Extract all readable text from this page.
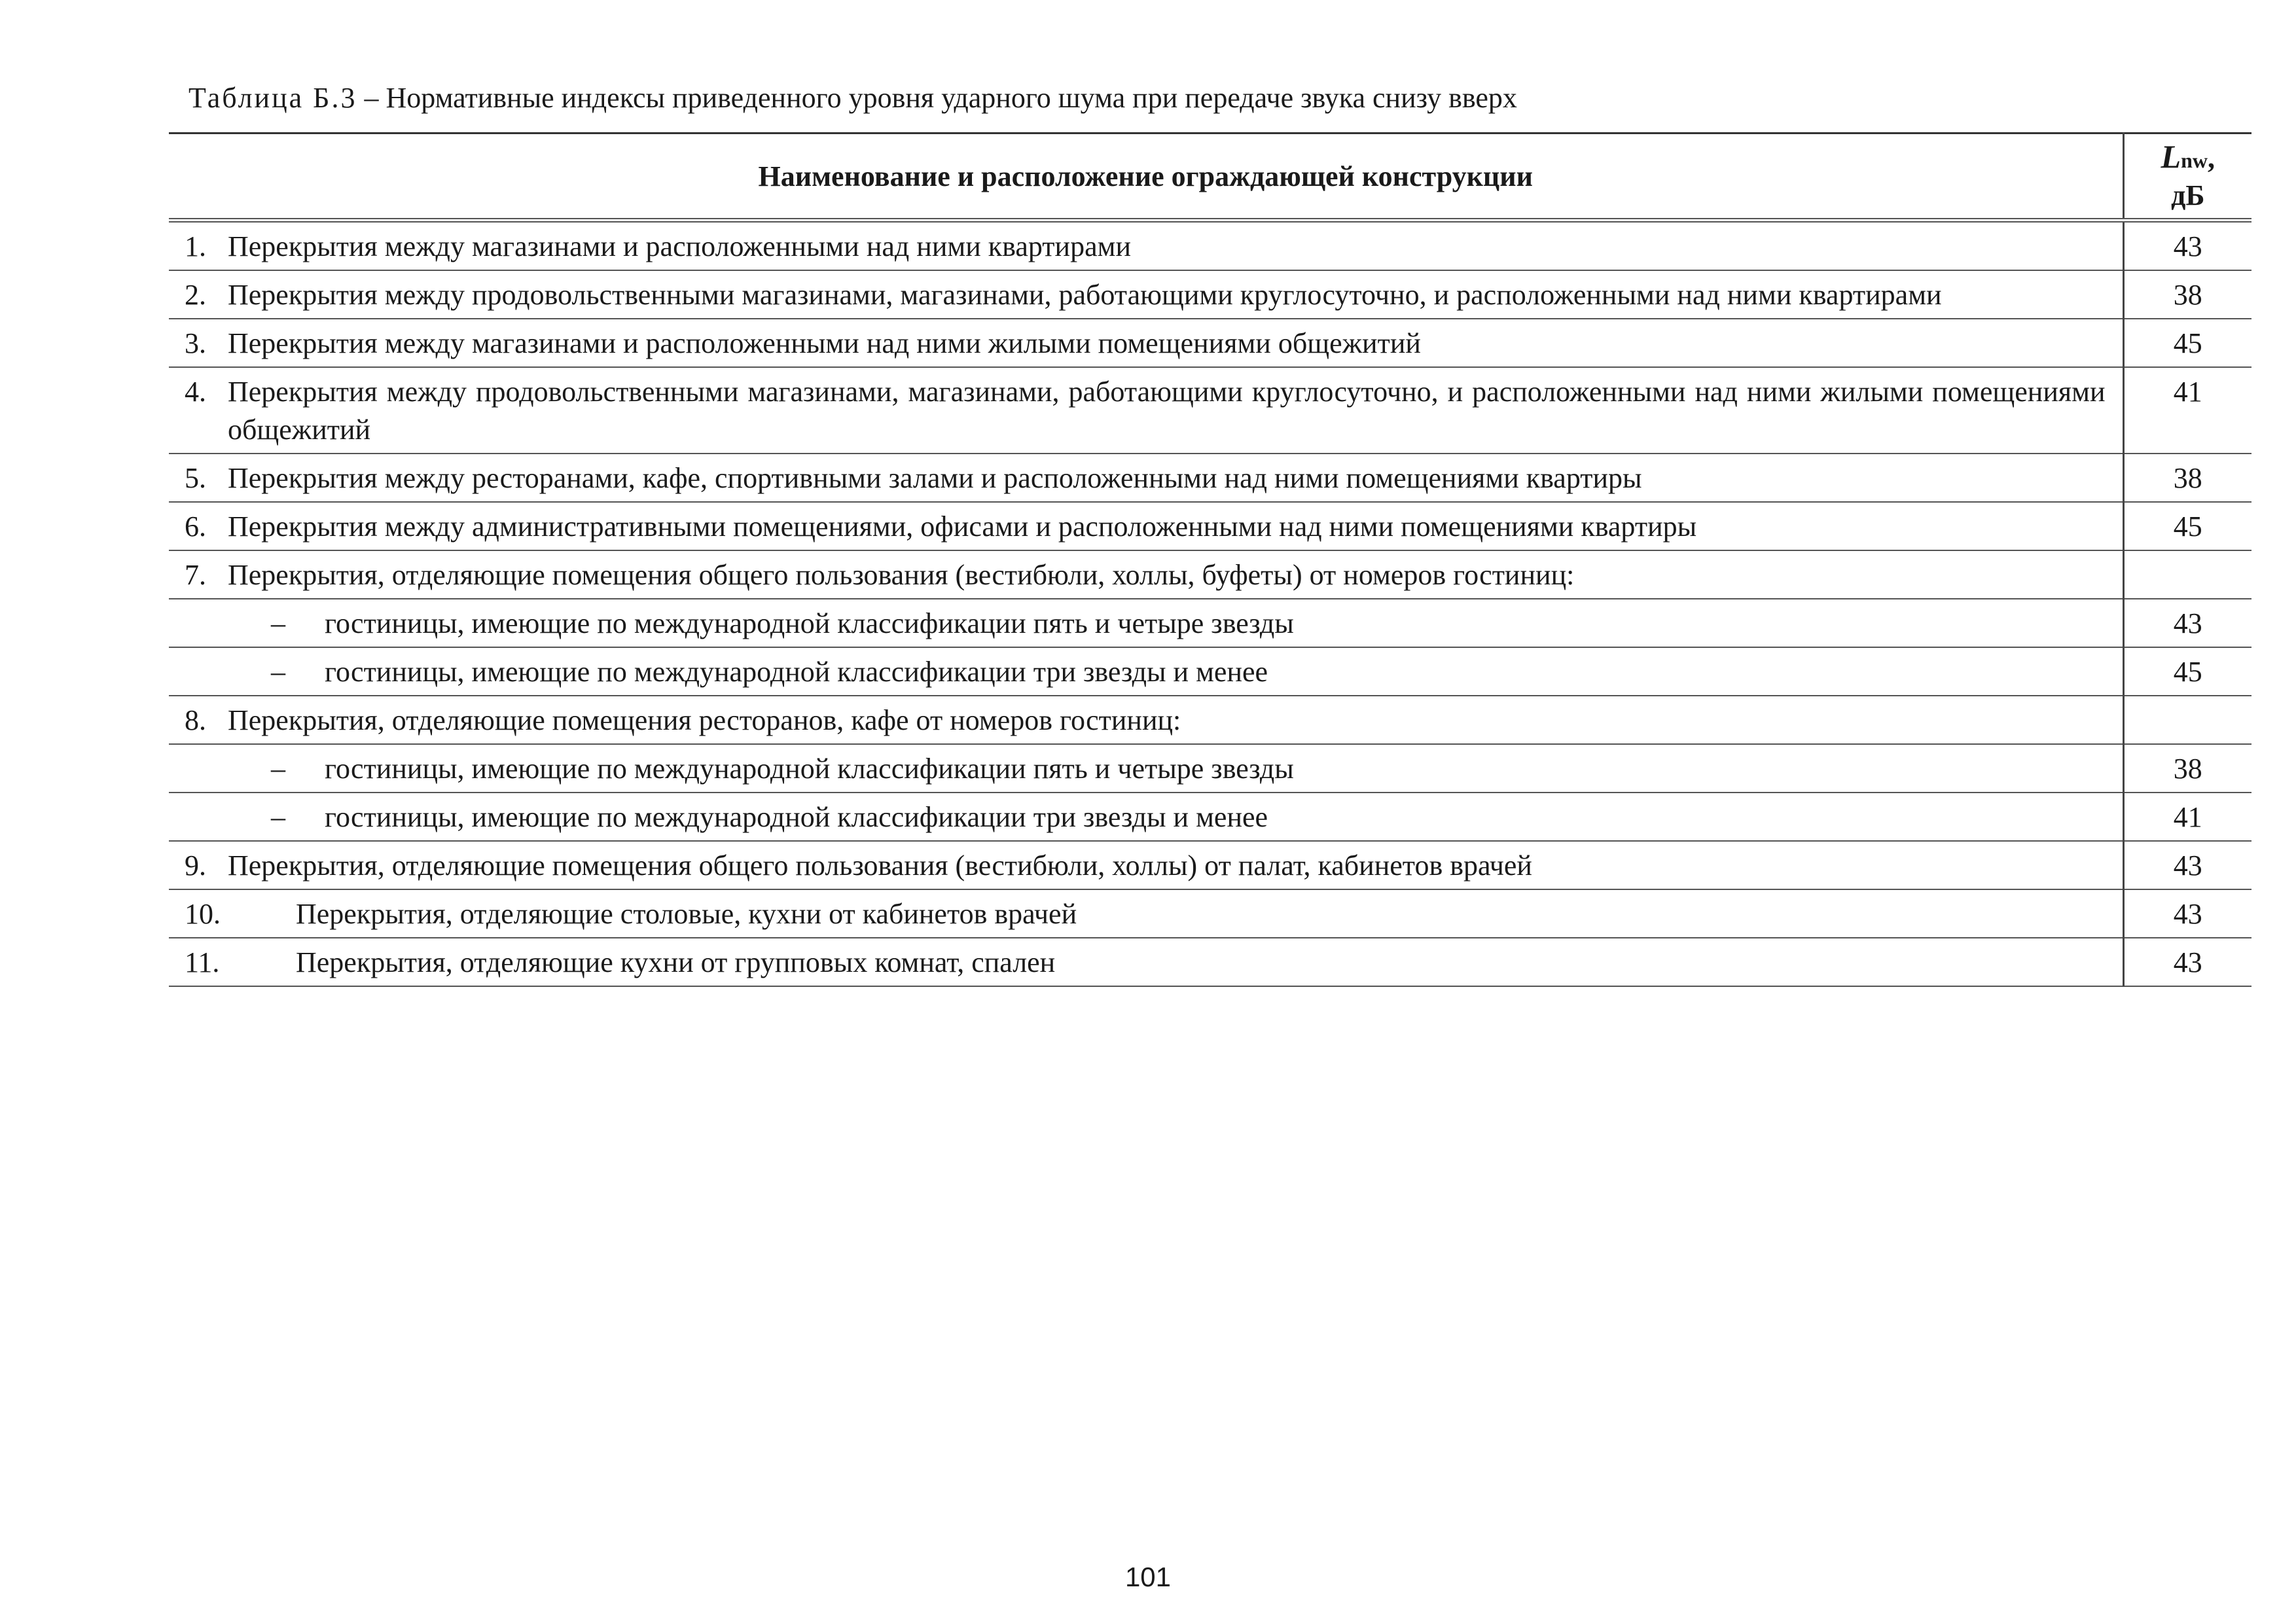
Таблица Б.3 – Нормативные индексы приведенного уровня ударного шума при передаче звука снизу вверх
Наименование и расположение ограждающей конструкции	Lnw,
дБ

1. Перекрытия между магазинами и расположенными над ними квартирами	43

2. Перекрытия между продовольственными магазинами, магазинами, работающими круглосуточно, и расположенными над ними квартирами	38

3. Перекрытия между магазинами и расположенными над ними жилыми помещениями общежитий	45

4. Перекрытия между продовольственными магазинами, магазинами, работающими круглосуточно, и расположенными над ними жилыми помещениями общежитий	41

5. Перекрытия между ресторанами, кафе, спортивными залами и расположенными над ними помещениями квартиры	38

6. Перекрытия между административными помещениями, офисами и расположенными над ними помещениями квартиры	45

7. Перекрытия, отделяющие помещения общего пользования (вестибюли, холлы, буфеты) от номеров гостиниц:	

– гостиницы, имеющие по международной классификации пять и четыре звезды	43

– гостиницы, имеющие по международной классификации три звезды и менее	45

8. Перекрытия, отделяющие помещения ресторанов, кафе от номеров гостиниц:	

– гостиницы, имеющие по международной классификации пять и четыре звезды	38

– гостиницы, имеющие по международной классификации три звезды и менее	41

9. Перекрытия, отделяющие помещения общего пользования (вестибюли, холлы) от палат, кабинетов врачей	43

10. Перекрытия, отделяющие столовые, кухни от кабинетов врачей	43

11. Перекрытия, отделяющие кухни от групповых комнат, спален	43
101
